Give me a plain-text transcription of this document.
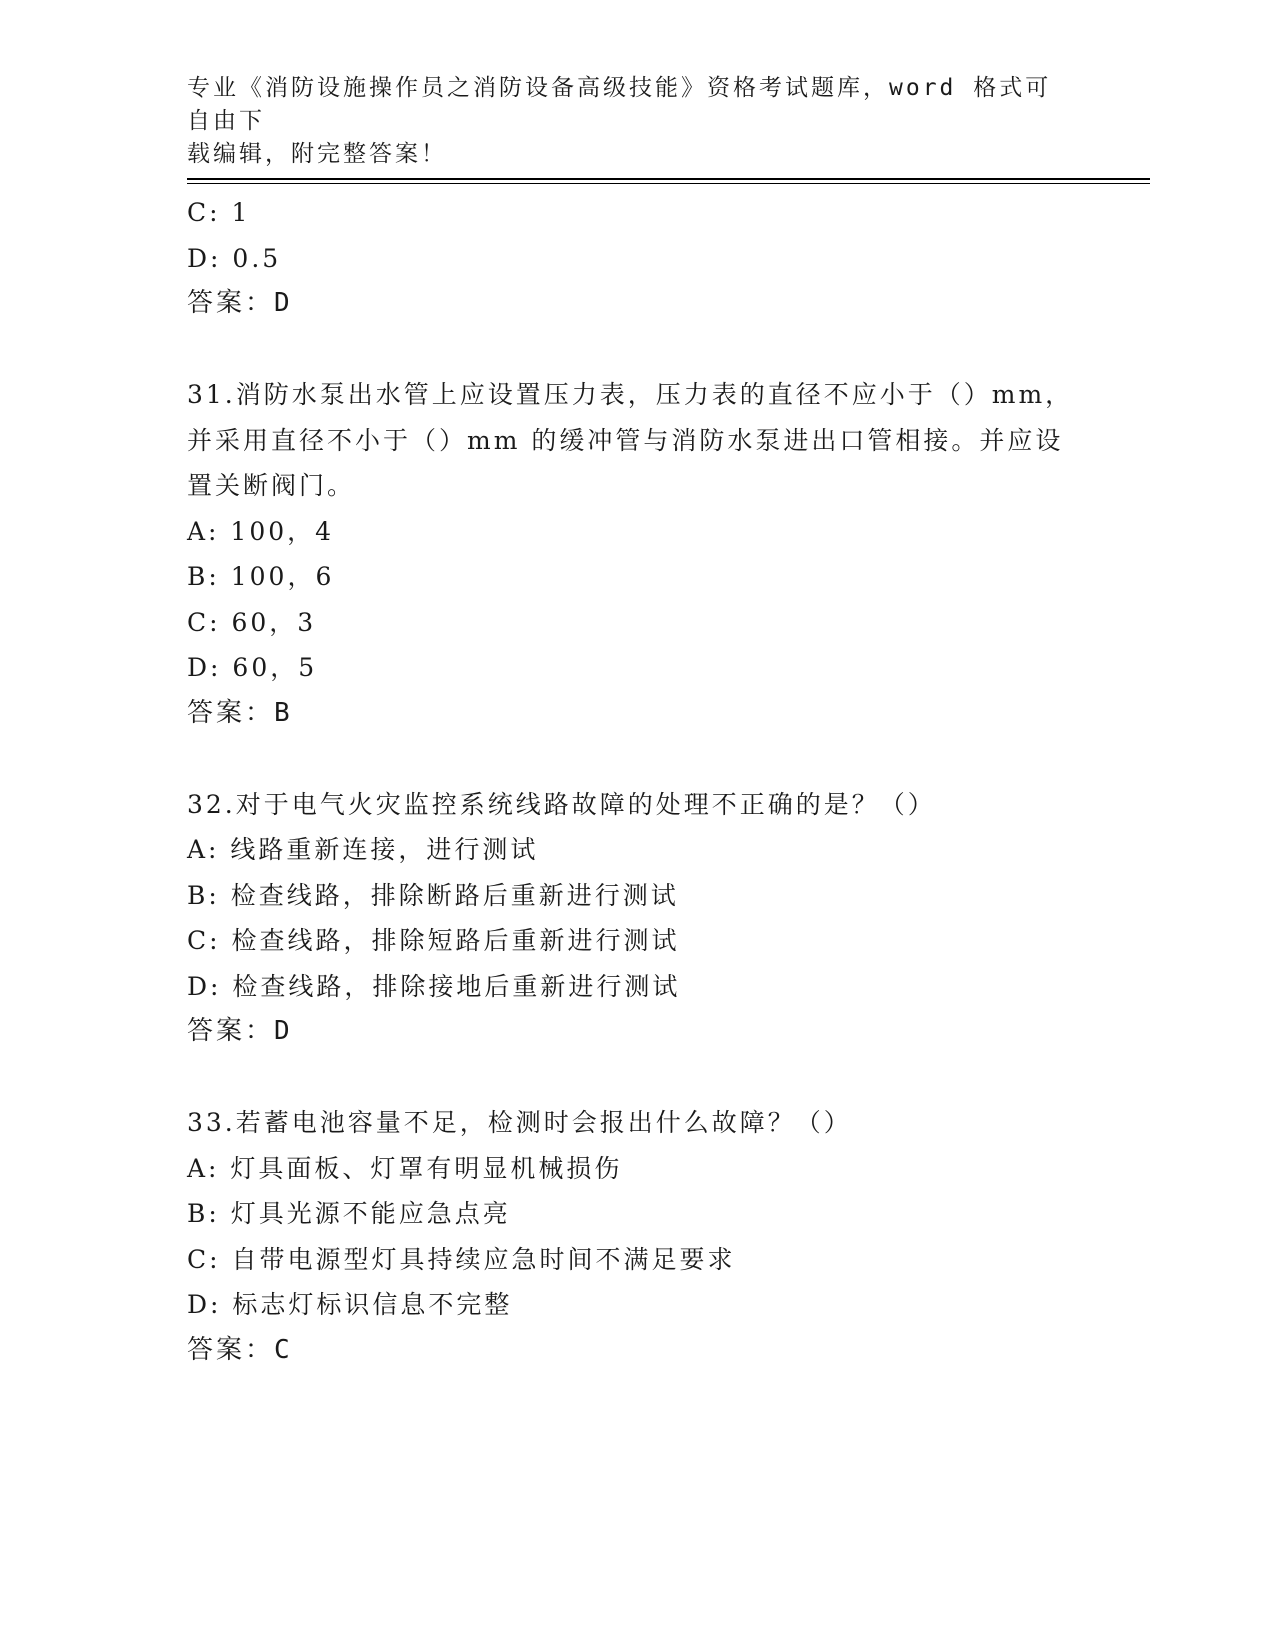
专业《消防设施操作员之消防设备高级技能》资格考试题库，word 格式可自由下
载编辑，附完整答案！
C: 1
D: 0.5
答案：D
31.消防水泵出水管上应设置压力表，压力表的直径不应小于（）mm，
并采用直径不小于（）mm 的缓冲管与消防水泵进出口管相接。并应设
置关断阀门。
A: 100，4
B: 100，6
C: 60，3
D: 60，5
答案：B
32.对于电气火灾监控系统线路故障的处理不正确的是？（）
A: 线路重新连接，进行测试
B: 检查线路，排除断路后重新进行测试
C: 检查线路，排除短路后重新进行测试
D: 检查线路，排除接地后重新进行测试
答案：D
33.若蓄电池容量不足，检测时会报出什么故障？（）
A: 灯具面板、灯罩有明显机械损伤
B: 灯具光源不能应急点亮
C: 自带电源型灯具持续应急时间不满足要求
D: 标志灯标识信息不完整
答案：C
